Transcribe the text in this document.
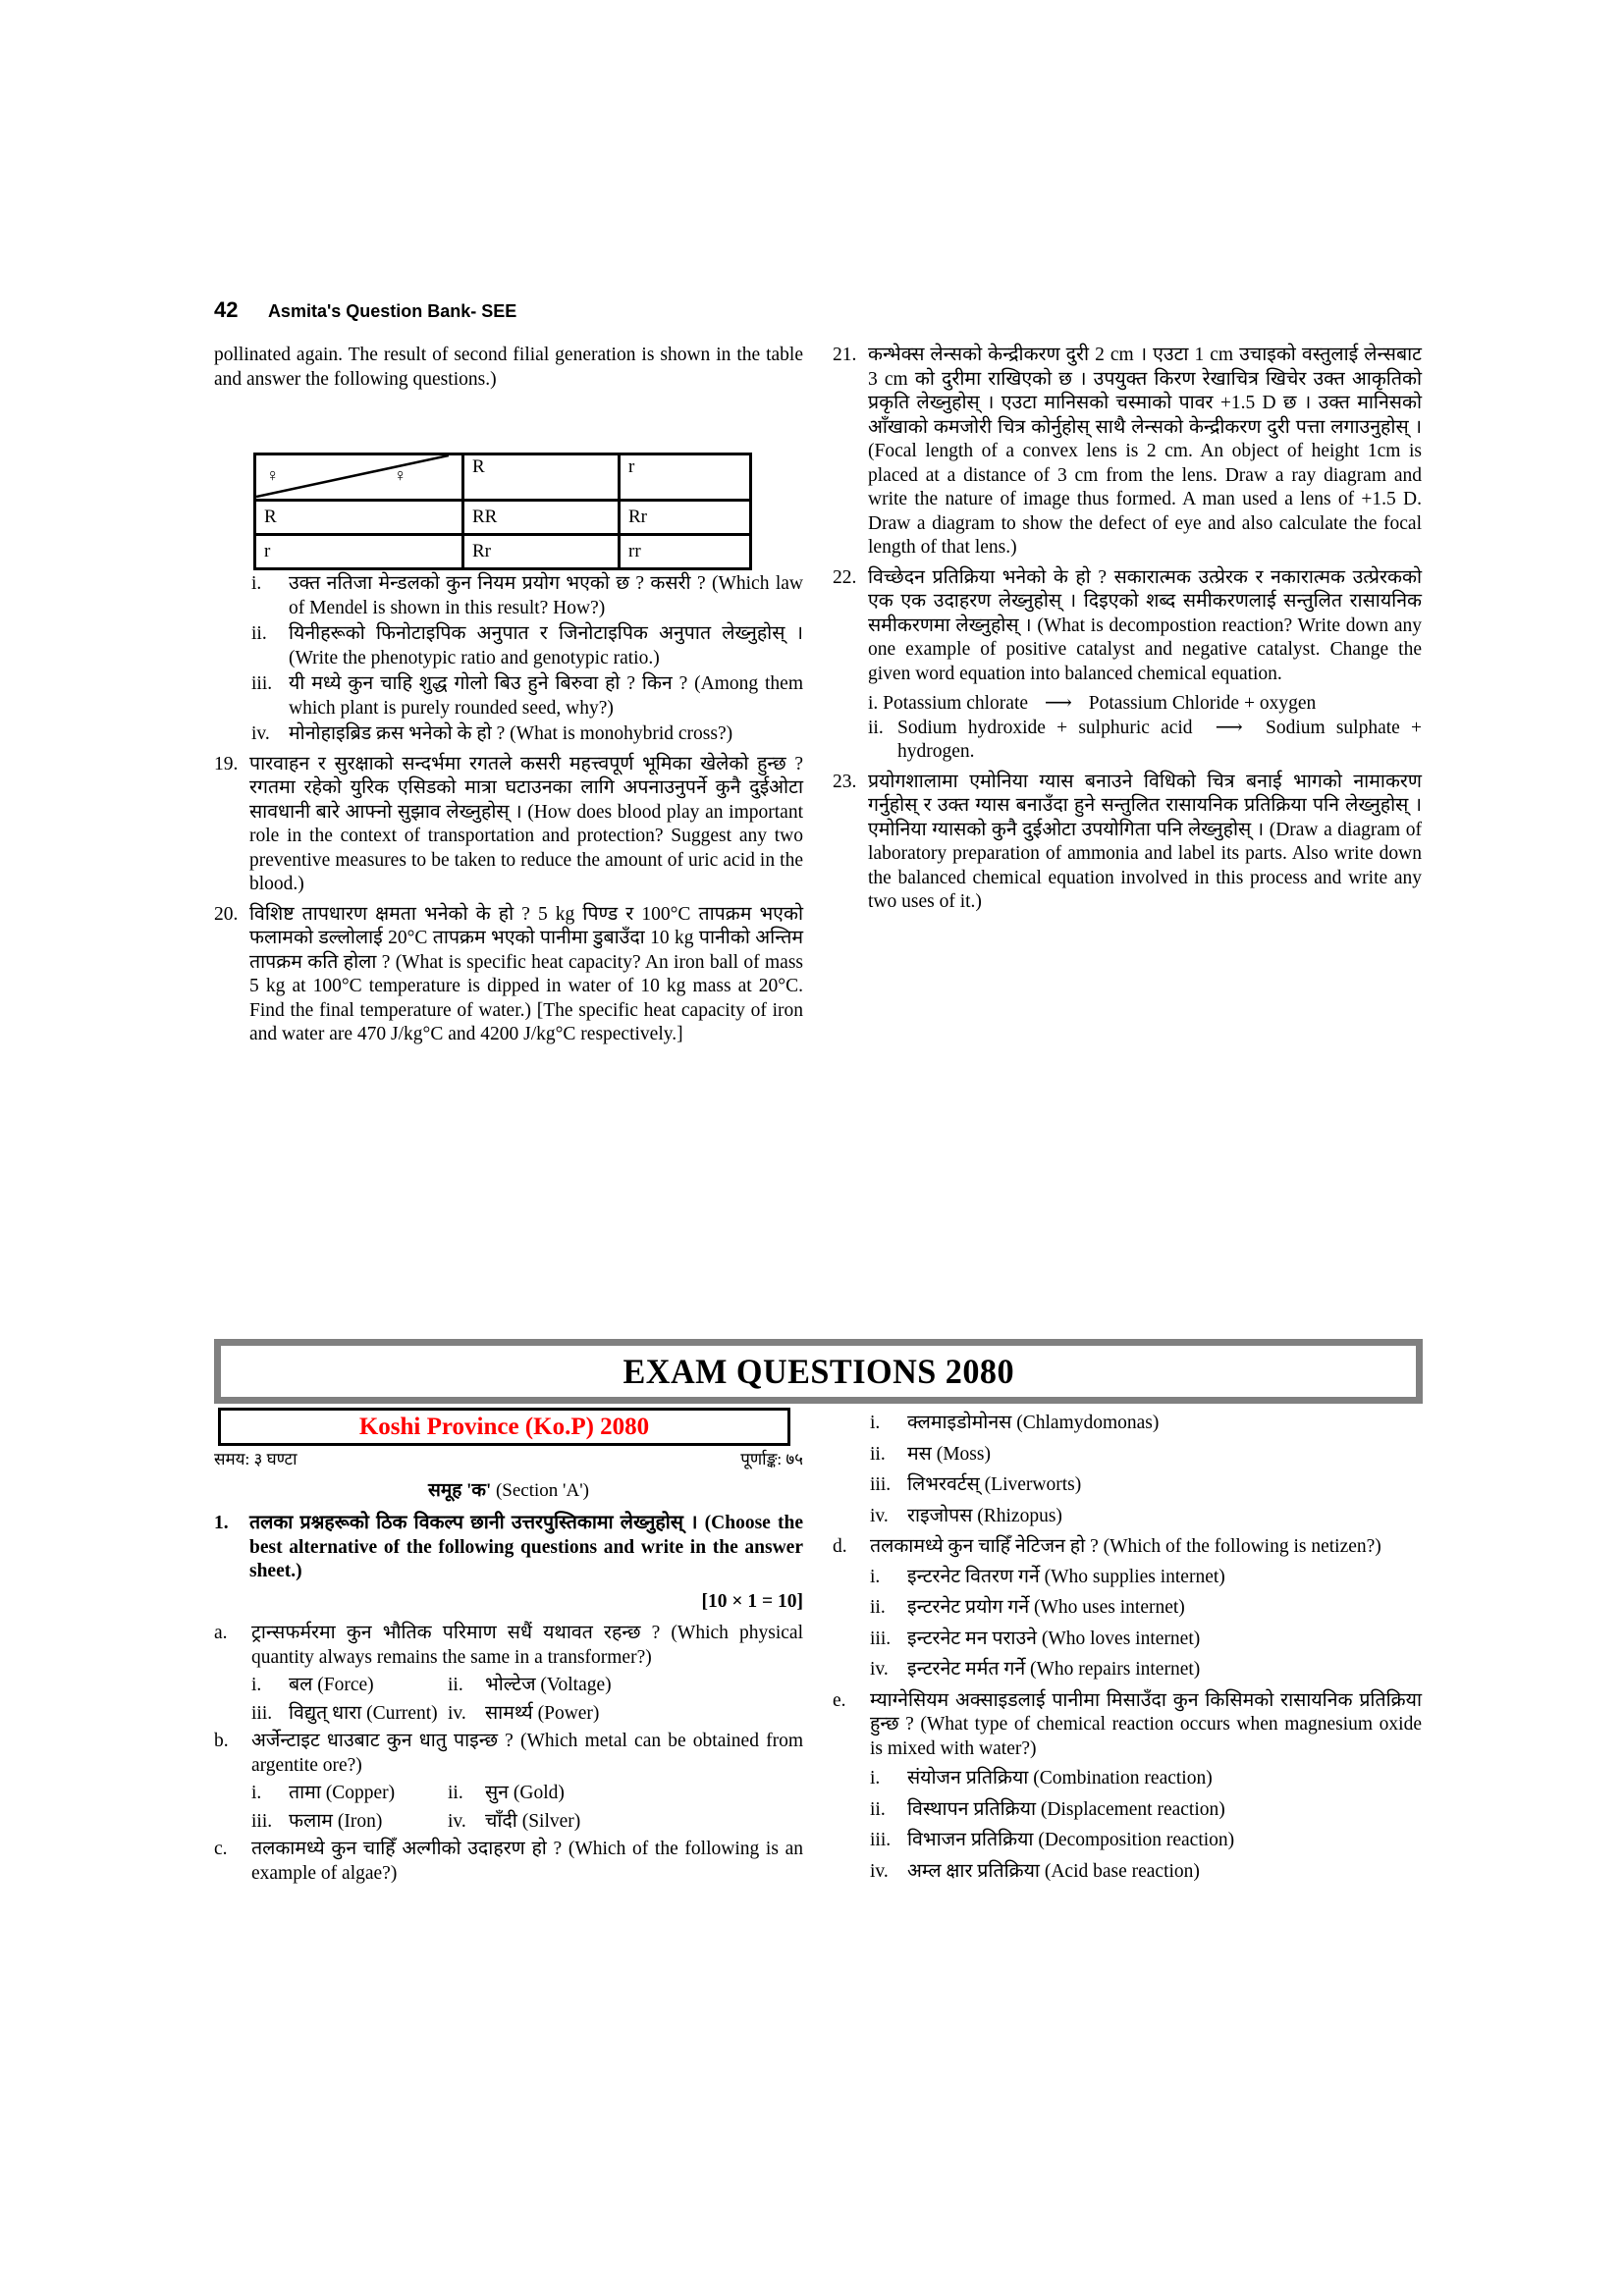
42 Asmita's Question Bank- SEE

pollinated again. The result of second filial generation is shown in the table and answer the following questions.)

♀ ♀	R	r
R	RR	Rr
r	Rr	rr
i.	उक्त नतिजा मेन्डलको कुन नियम प्रयोग भएको छ ? कसरी ? (Which law of Mendel is shown in this result? How?)
ii.	यिनीहरूको फिनोटाइपिक अनुपात र जिनोटाइपिक अनुपात लेख्नुहोस् । (Write the phenotypic ratio and genotypic ratio.)
iii. यी मध्ये कुन चाहि शुद्ध गोलो बिउ हुने बिरुवा हो ? किन ? (Among them which plant is purely rounded seed, why?)
iv. मोनोहाइब्रिड क्रस भनेको के हो ? (What is monohybrid cross?)
19. पारवाहन र सुरक्षाको सन्दर्भमा रगतले कसरी महत्त्वपूर्ण भूमिका खेलेको हुन्छ ? रगतमा रहेको युरिक एसिडको मात्रा घटाउनका लागि अपनाउनुपर्ने कुनै दुईओटा सावधानी बारे आफ्नो सुझाव लेख्नुहोस् । (How does blood play an important role in the context of transportation and protection? Suggest any two preventive measures to be taken to reduce the amount of uric acid in the blood.)
20. विशिष्ट तापधारण क्षमता भनेको के हो ? 5 kg पिण्ड र 100°C तापक्रम भएको फलामको डल्लोलाई 20°C तापक्रम भएको पानीमा डुबाउँदा 10 kg पानीको अन्तिम तापक्रम कति होला ? (What is specific heat capacity? An iron ball of mass 5 kg at 100°C temperature is dipped in water of 10 kg mass at 20°C. Find the final temperature of water.) [The specific heat capacity of iron and water are 470 J/kg°C and 4200 J/kg°C respectively.]
21. कन्भेक्स लेन्सको केन्द्रीकरण दुरी 2 cm । एउटा 1 cm उचाइको वस्तुलाई लेन्सबाट 3 cm को दुरीमा राखिएको छ । उपयुक्त किरण रेखाचित्र खिचेर उक्त आकृतिको प्रकृति लेख्नुहोस् । एउटा मानिसको चस्माको पावर +1.5 D छ । उक्त मानिसको आँखाको कमजोरी चित्र कोर्नुहोस् साथै लेन्सको केन्द्रीकरण दुरी पत्ता लगाउनुहोस् । (Focal length of a convex lens is 2 cm. An object of height 1cm is placed at a distance of 3 cm from the lens. Draw a ray diagram and write the nature of image thus formed. A man used a lens of +1.5 D. Draw a diagram to show the defect of eye and also calculate the focal length of that lens.)
22. विच्छेदन प्रतिक्रिया भनेको के हो ? सकारात्मक उत्प्रेरक र नकारात्मक उत्प्रेरकको एक एक उदाहरण लेख्नुहोस् । दिइएको शब्द समीकरणलाई सन्तुलित रासायनिक समीकरणमा लेख्नुहोस् । (What is decompostion reaction? Write down any one example of positive catalyst and negative catalyst. Change the given word equation into balanced chemical equation.
i. Potassium chlorate ⟶ Potassium Chloride + oxygen
ii. Sodium hydroxide + sulphuric acid ⟶ Sodium sulphate + hydrogen.
23. प्रयोगशालामा एमोनिया ग्यास बनाउने विधिको चित्र बनाई भागको नामाकरण गर्नुहोस् र उक्त ग्यास बनाउँदा हुने सन्तुलित रासायनिक प्रतिक्रिया पनि लेख्नुहोस् । एमोनिया ग्यासको कुनै दुईओटा उपयोगिता पनि लेख्नुहोस् । (Draw a diagram of laboratory preparation of ammonia and label its parts. Also write down the balanced chemical equation involved in this process and write any two uses of it.)
EXAM QUESTIONS 2080
Koshi Province (Ko.P) 2080
समय: ३ घण्टा	पूर्णाङ्क: ७५
समूह 'क' (Section 'A')
1.	तलका प्रश्नहरूको ठिक विकल्प छानी उत्तरपुस्तिकामा लेख्नुहोस् । (Choose the best alternative of the following questions and write in the answer sheet.)
[10 × 1 = 10]
a.	ट्रान्सफर्मरमा कुन भौतिक परिमाण सधैं यथावत रहन्छ ? (Which physical quantity always remains the same in a transformer?)
i.	बल (Force)	ii.	भोल्टेज (Voltage)
iii. विद्युत् धारा (Current) iv. सामर्थ्य (Power)
b.	अर्जेन्टाइट धाउबाट कुन धातु पाइन्छ ? (Which metal can be obtained from argentite ore?)
i.	तामा (Copper)	ii.	सुन (Gold)
iii. फलाम (Iron)	iv. चाँदी (Silver)
c.	तलकामध्ये कुन चाहिँ अल्गीको उदाहरण हो ? (Which of the following is an example of algae?)
i.	क्लमाइडोमोनस (Chlamydomonas)
ii.	मस (Moss)
iii. लिभरवर्टस् (Liverworts)
iv. राइजोपस (Rhizopus)
d.	तलकामध्ये कुन चाहिँ नेटिजन हो ? (Which of the following is netizen?)
i.	इन्टरनेट वितरण गर्ने (Who supplies internet)
ii.	इन्टरनेट प्रयोग गर्ने (Who uses internet)
iii. इन्टरनेट मन पराउने (Who loves internet)
iv. इन्टरनेट मर्मत गर्ने (Who repairs internet)
e.	म्याग्नेसियम अक्साइडलाई पानीमा मिसाउँदा कुन किसिमको रासायनिक प्रतिक्रिया हुन्छ ? (What type of chemical reaction occurs when magnesium oxide is mixed with water?)
i.	संयोजन प्रतिक्रिया (Combination reaction)
ii.	विस्थापन प्रतिक्रिया (Displacement reaction)
iii. विभाजन प्रतिक्रिया (Decomposition reaction)
iv. अम्ल क्षार प्रतिक्रिया (Acid base reaction)
